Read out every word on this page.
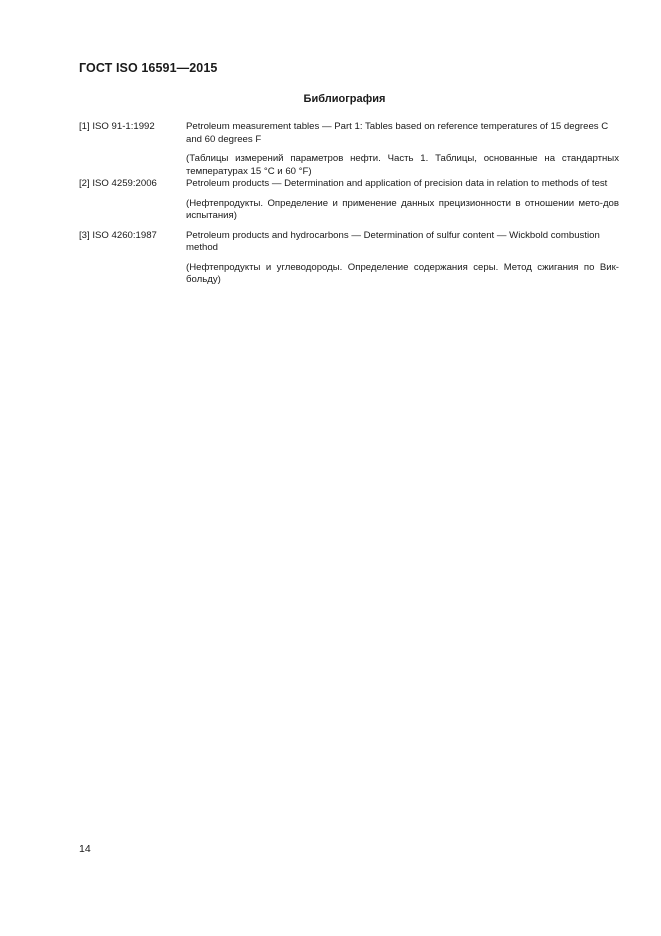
ГОСТ ISO 16591—2015
Библиография
[1] ISO 91-1:1992	Petroleum measurement tables — Part 1: Tables based on reference temperatures of 15 degrees C and 60 degrees F
(Таблицы измерений параметров нефти. Часть 1. Таблицы, основанные на стандартных температурах 15 °C и 60 °F)
[2] ISO 4259:2006	Petroleum products — Determination and application of precision data in relation to methods of test
(Нефтепродукты. Определение и применение данных прецизионности в отношении мето-дов испытания)
[3] ISO 4260:1987	Petroleum products and hydrocarbons — Determination of sulfur content — Wickbold combustion method
(Нефтепродукты и углеводороды. Определение содержания серы. Метод сжигания по Вик-больду)
14
